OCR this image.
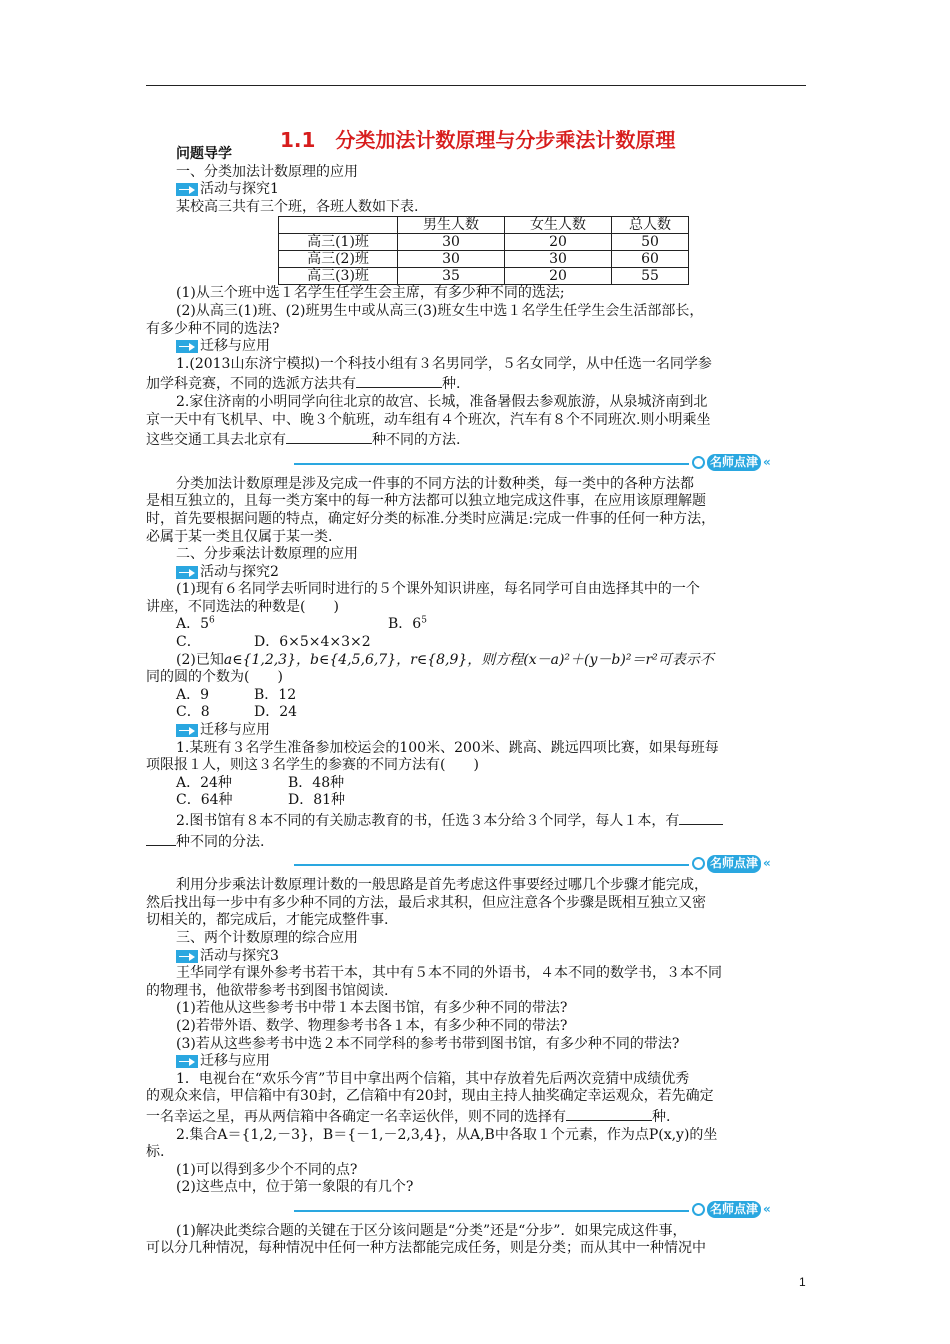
1.1　分类加法计数原理与分步乘法计数原理

问题导学

一、分类加法计数原理的应用

活动与探究1

某校高三共有三个班，各班人数如下表.

	男生人数	女生人数	总人数
高三(1)班	30	20	50
高三(2)班	30	30	60
高三(3)班	35	20	55

(1)从三个班中选１名学生任学生会主席，有多少种不同的选法;

(2)从高三(1)班、(2)班男生中或从高三(3)班女生中选１名学生任学生会生活部部长，

有多少种不同的选法?

迁移与应用

1.(2013山东济宁模拟)一个科技小组有３名男同学，５名女同学，从中任选一名同学参

加学科竞赛，不同的选派方法共有	种.

2.家住济南的小明同学向往北京的故宫、长城，准备暑假去参观旅游，从泉城济南到北

京一天中有飞机早、中、晚３个航班，动车组有４个班次，汽车有８个不同班次.则小明乘坐

这些交通工具去北京有	种不同的方法.

名师点津 «

分类加法计数原理是涉及完成一件事的不同方法的计数种类，每一类中的各种方法都

是相互独立的，且每一类方案中的每一种方法都可以独立地完成这件事，在应用该原理解题

时，首先要根据问题的特点，确定好分类的标准.分类时应满足:完成一件事的任何一种方法，

必属于某一类且仅属于某一类.

二、分步乘法计数原理的应用

活动与探究2

(1)现有６名同学去听同时进行的５个课外知识讲座，每名同学可自由选择其中的一个

讲座，不同选法的种数是(　　)

A．$5^6$	B．$6^5$

C．	D．6×5×4×3×2

(2)已知a∈{1,2,3}，b∈{4,5,6,7}，r∈{8,9}，则方程(x－a)²＋(y－b)²＝r²可表示不

同的圆的个数为(　　)

A．9	B．12

C．8	D．24

迁移与应用

1.某班有３名学生准备参加校运会的100米、200米、跳高、跳远四项比赛，如果每班每

项限报１人，则这３名学生的参赛的不同方法有(　　)

A．24种	B．48种

C．64种	D．81种

2.图书馆有８本不同的有关励志教育的书，任选３本分给３个同学，每人１本，有

种不同的分法.

名师点津 «

利用分步乘法计数原理计数的一般思路是首先考虑这件事要经过哪几个步骤才能完成，

然后找出每一步中有多少种不同的方法，最后求其积，但应注意各个步骤是既相互独立又密

切相关的，都完成后，才能完成整件事.

三、两个计数原理的综合应用

活动与探究3

王华同学有课外参考书若干本，其中有５本不同的外语书，４本不同的数学书，３本不同

的物理书，他欲带参考书到图书馆阅读.

(1)若他从这些参考书中带１本去图书馆，有多少种不同的带法?

(2)若带外语、数学、物理参考书各１本，有多少种不同的带法?

(3)若从这些参考书中选２本不同学科的参考书带到图书馆，有多少种不同的带法?

迁移与应用

1．电视台在“欢乐今宵”节目中拿出两个信箱，其中存放着先后两次竞猜中成绩优秀

的观众来信，甲信箱中有30封，乙信箱中有20封，现由主持人抽奖确定幸运观众，若先确定

一名幸运之星，再从两信箱中各确定一名幸运伙伴，则不同的选择有	种.

2.集合A＝{1,2,－3}，B＝{－1,－2,3,4}，从A,B中各取１个元素，作为点P(x,y)的坐

标.

(1)可以得到多少个不同的点?

(2)这些点中，位于第一象限的有几个?

名师点津 «

(1)解决此类综合题的关键在于区分该问题是“分类”还是“分步”．如果完成这件事，

可以分几种情况，每种情况中任何一种方法都能完成任务，则是分类；而从其中一种情况中

1
